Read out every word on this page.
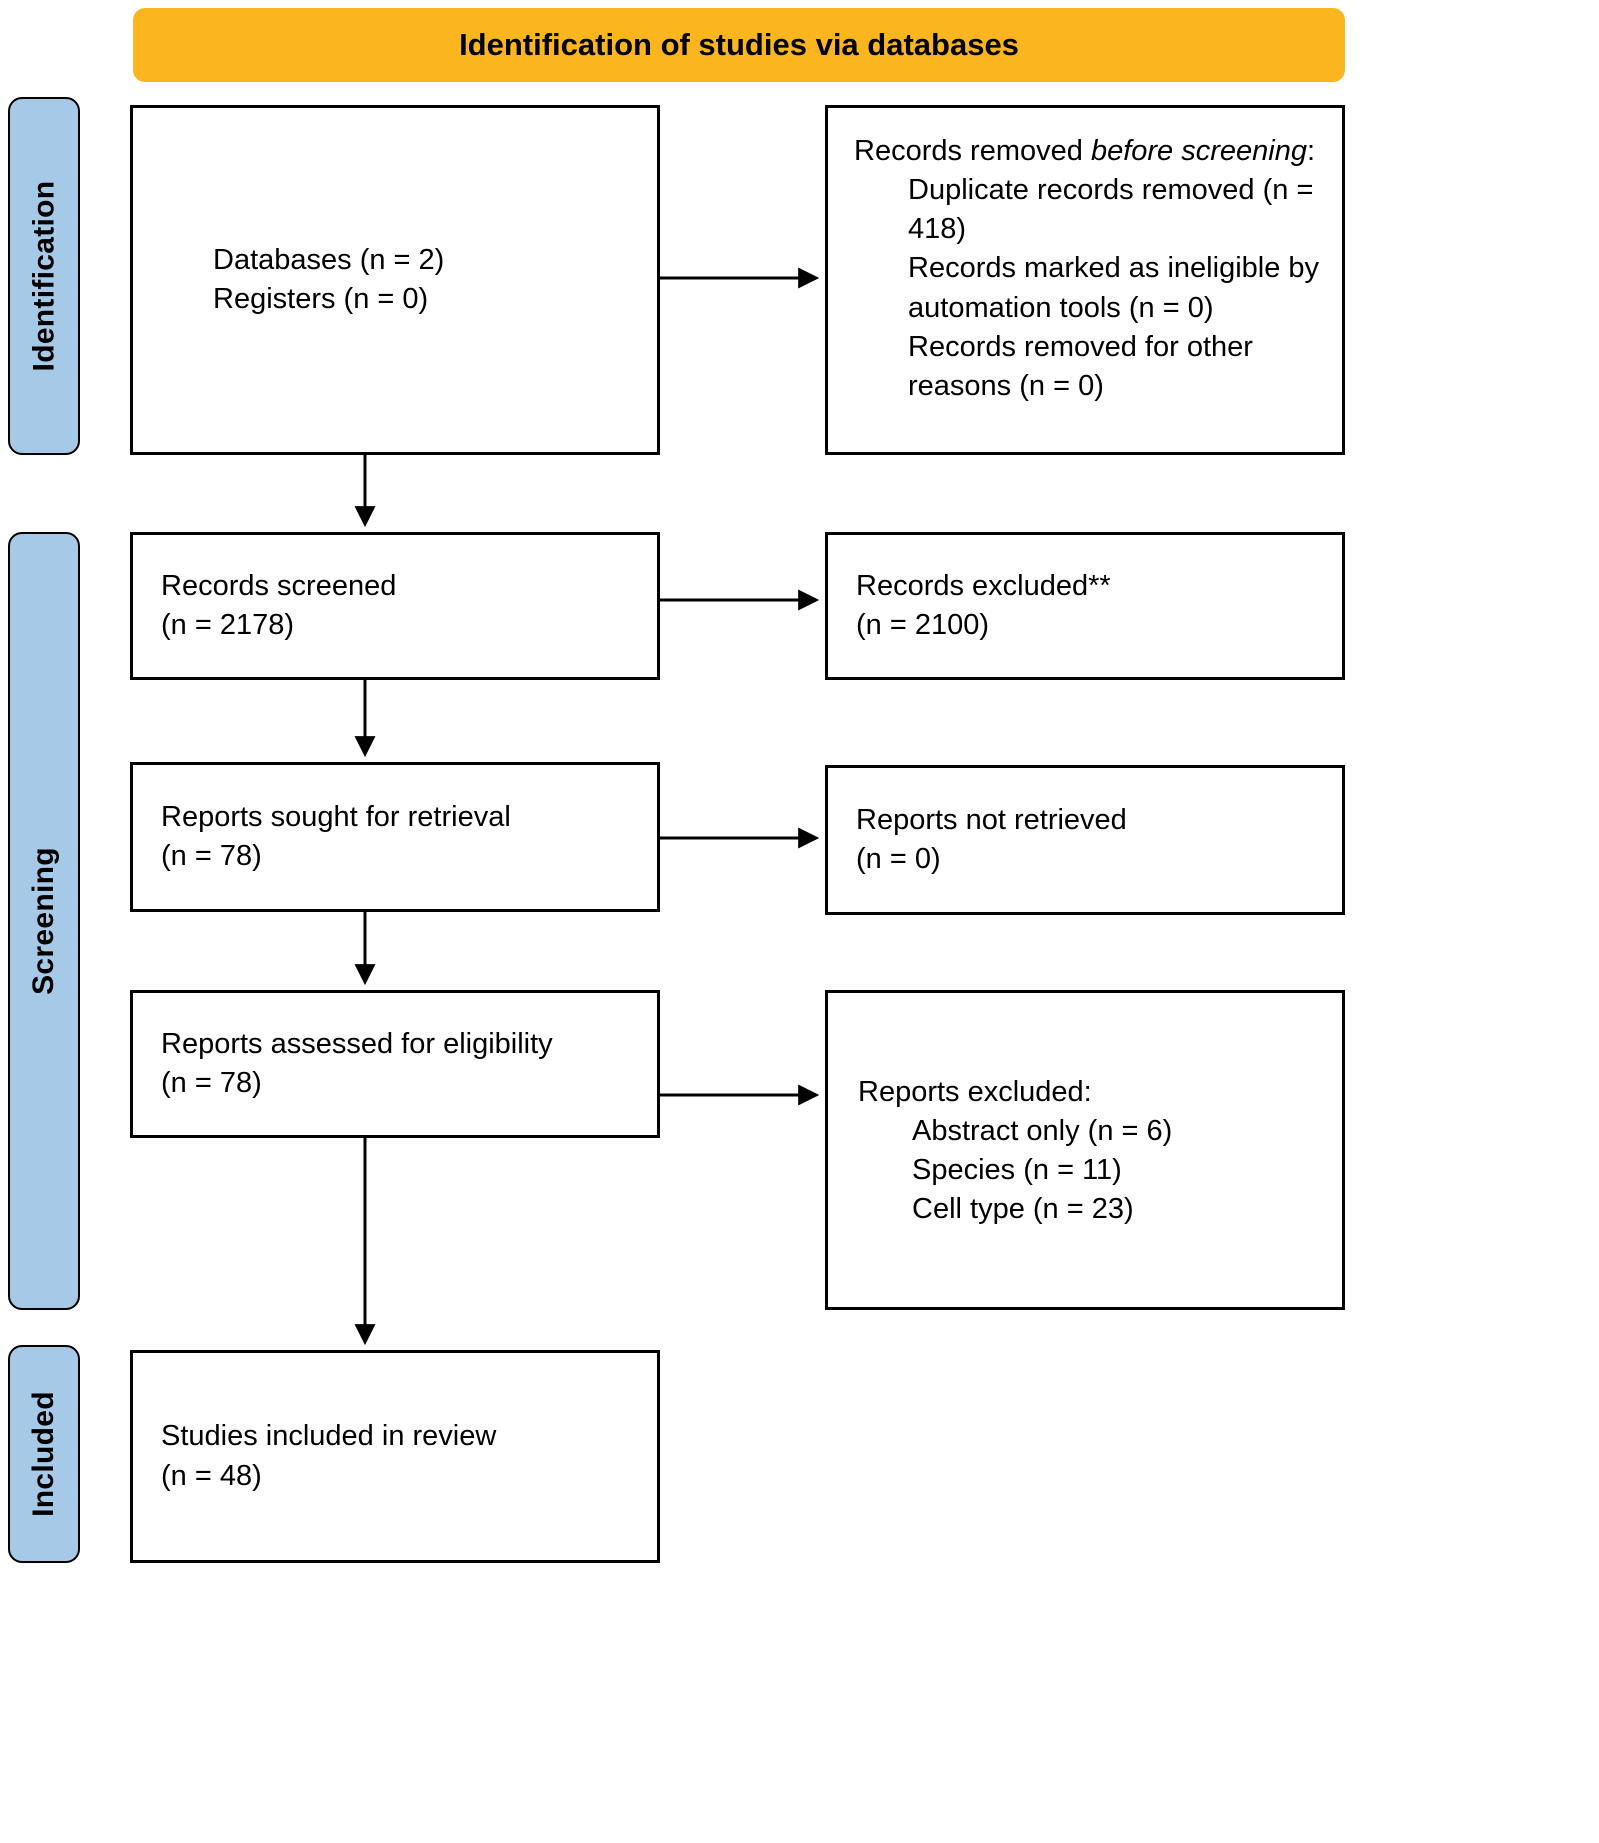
Identification of studies via databases
Identification
Screening
Included
Databases (n = 2)
Registers (n = 0)
Records removed before screening:
Duplicate records removed (n = 418)
Records marked as ineligible by automation tools (n = 0)
Records removed for other reasons (n = 0)
Records screened
(n = 2178)
Records excluded**
(n = 2100)
Reports sought for retrieval
(n = 78)
Reports not retrieved
(n = 0)
Reports assessed for eligibility
(n = 78)	Reports excluded:
Abstract only (n = 6)
Species (n = 11)
Cell type (n = 23)
Studies included in review
(n = 48)
